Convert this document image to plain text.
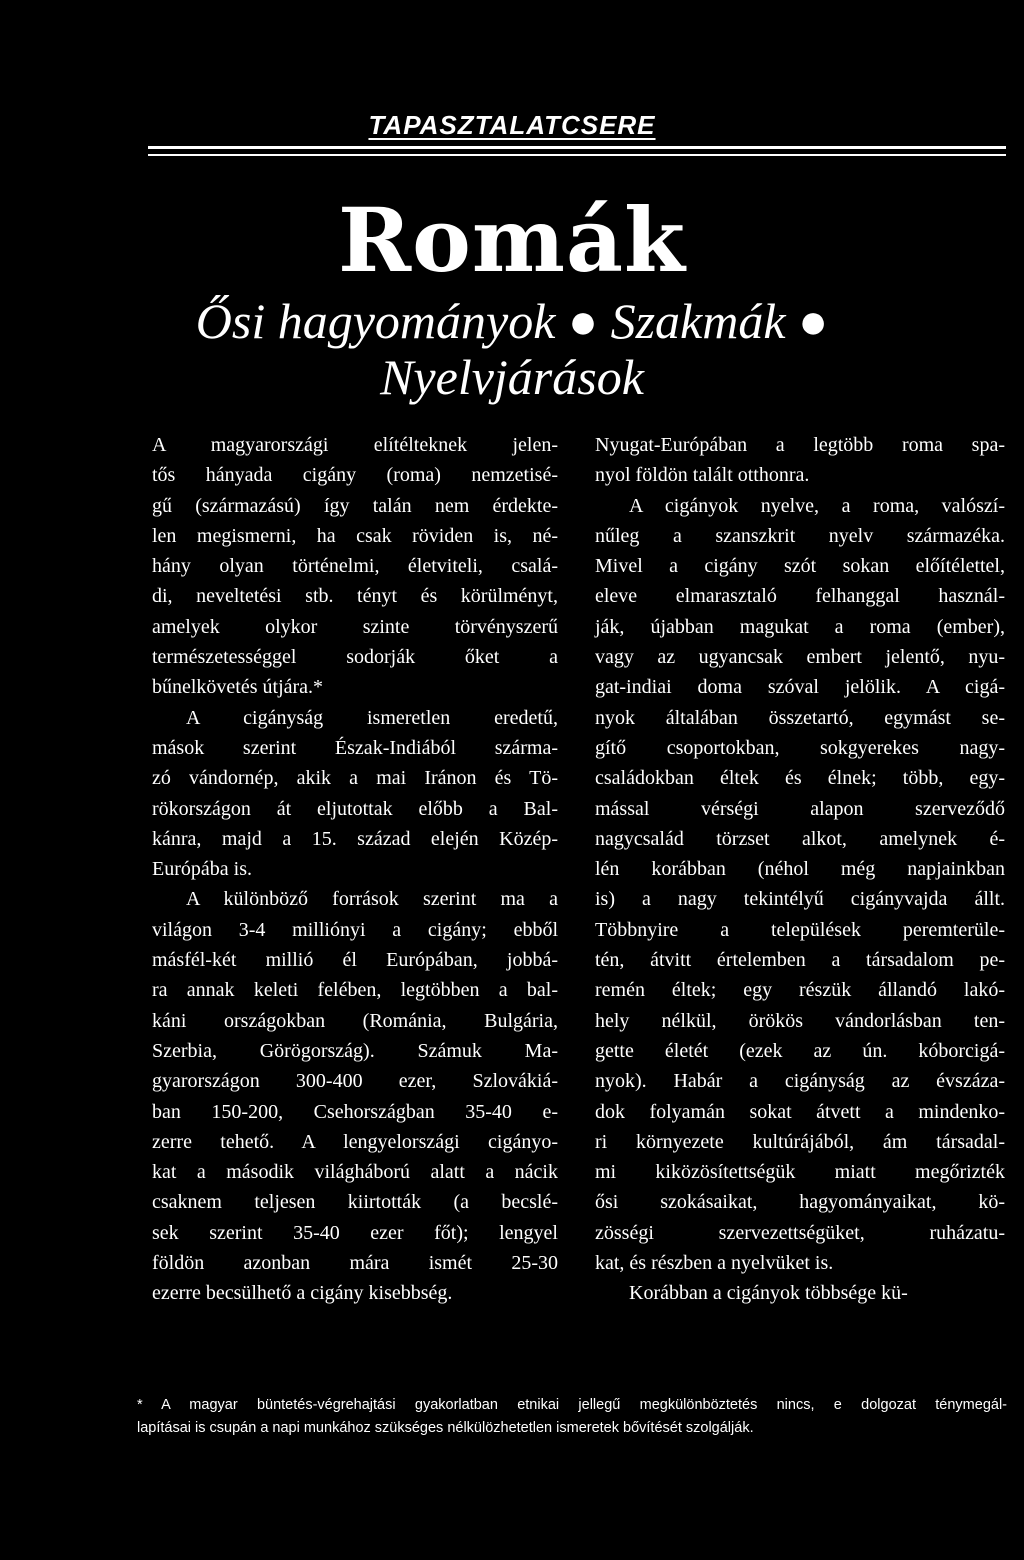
TAPASZTALATCSERE
Romák
Ősi hagyományok ● Szakmák ●
Nyelvjárások
A magyarországi elítélteknek jelen-
tős hányada cigány (roma) nemzetisé-
gű (származású) így talán nem érdekte-
len megismerni, ha csak röviden is, né-
hány olyan történelmi, életviteli, csalá-
di, neveltetési stb. tényt és körülményt,
amelyek olykor szinte törvényszerű
természetességgel sodorják őket a
bűnelkövetés útjára.*
A cigányság ismeretlen eredetű,
mások szerint Észak-Indiából szárma-
zó vándornép, akik a mai Iránon és Tö-
rökországon át eljutottak előbb a Bal-
kánra, majd a 15. század elején Közép-
Európába is.
A különböző források szerint ma a
világon 3-4 milliónyi a cigány; ebből
másfél-két millió él Európában, jobbá-
ra annak keleti felében, legtöbben a bal-
káni országokban (Románia, Bulgária,
Szerbia, Görögország). Számuk Ma-
gyarországon 300-400 ezer, Szlovákiá-
ban 150-200, Csehországban 35-40 e-
zerre tehető. A lengyelországi cigányo-
kat a második világháború alatt a nácik
csaknem teljesen kiirtották (a becslé-
sek szerint 35-40 ezer főt); lengyel
földön azonban mára ismét 25-30
ezerre becsülhető a cigány kisebbség.
Nyugat-Európában a legtöbb roma spa-
nyol földön talált otthonra.
A cigányok nyelve, a roma, valószí-
nűleg a szanszkrit nyelv származéka.
Mivel a cigány szót sokan előítélettel,
eleve elmarasztaló felhanggal használ-
ják, újabban magukat a roma (ember),
vagy az ugyancsak embert jelentő, nyu-
gat-indiai doma szóval jelölik. A cigá-
nyok általában összetartó, egymást se-
gítő csoportokban, sokgyerekes nagy-
családokban éltek és élnek; több, egy-
mással vérségi alapon szerveződő
nagycsalád törzset alkot, amelynek é-
lén korábban (néhol még napjainkban
is) a nagy tekintélyű cigányvajda állt.
Többnyire a települések peremterüle-
tén, átvitt értelemben a társadalom pe-
remén éltek; egy részük állandó lakó-
hely nélkül, örökös vándorlásban ten-
gette életét (ezek az ún. kóborcigá-
nyok). Habár a cigányság az évszáza-
dok folyamán sokat átvett a mindenko-
ri környezete kultúrájából, ám társadal-
mi kiközösítettségük miatt megőrizték
ősi szokásaikat, hagyományaikat, kö-
zösségi szervezettségüket, ruházatu-
kat, és részben a nyelvüket is.
Korábban a cigányok többsége kü-
* A magyar büntetés-végrehajtási gyakorlatban etnikai jellegű megkülönböztetés nincs, e dolgozat ténymegál-
lapításai is csupán a napi munkához szükséges nélkülözhetetlen ismeretek bővítését szolgálják.
